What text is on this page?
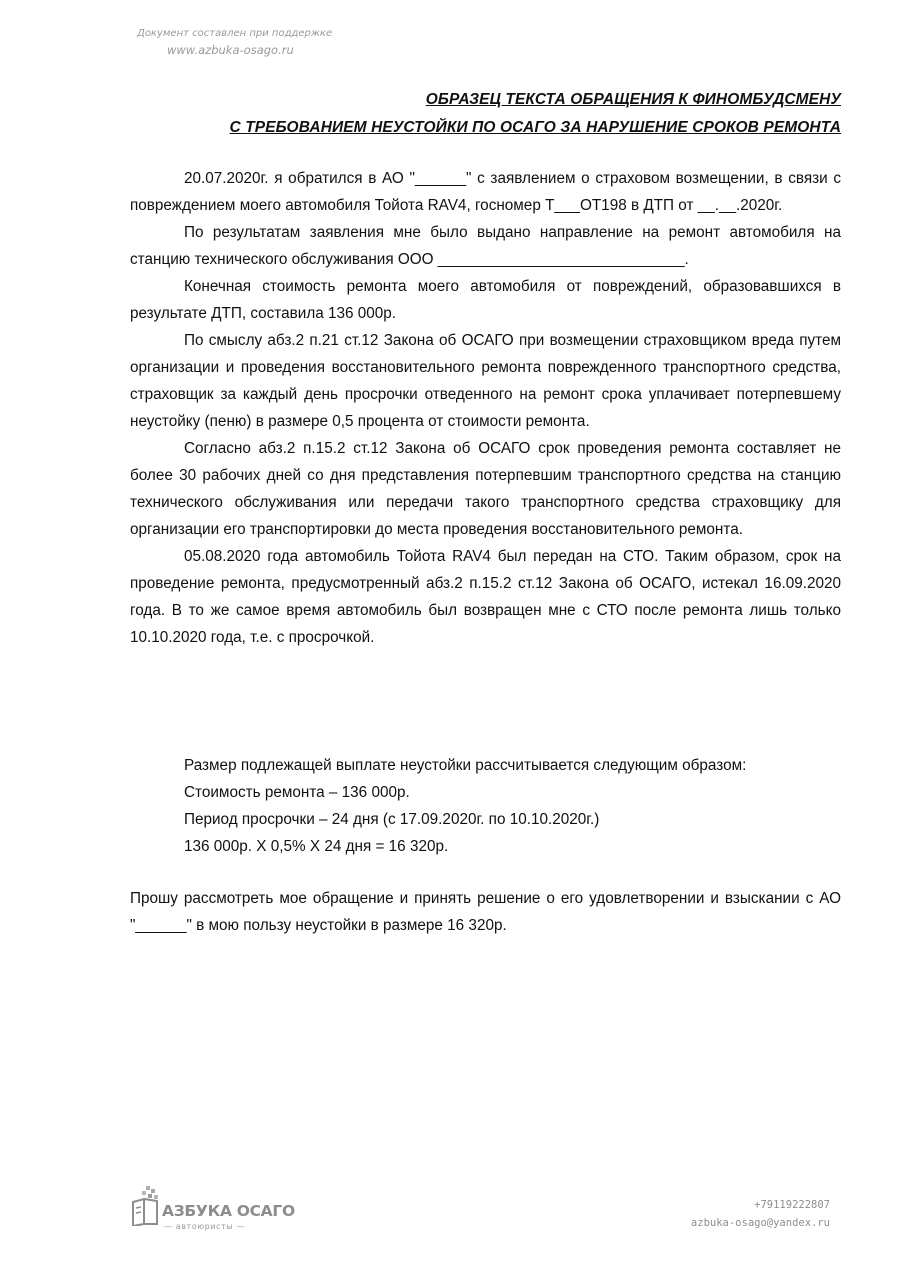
Документ составлен при поддержке
www.azbuka-osago.ru
ОБРАЗЕЦ ТЕКСТА ОБРАЩЕНИЯ К ФИНОМБУДСМЕНУ
С ТРЕБОВАНИЕМ НЕУСТОЙКИ ПО ОСАГО ЗА НАРУШЕНИЕ СРОКОВ РЕМОНТА

20.07.2020г. я обратился в АО "______" с заявлением о страховом возмещении, в связи с повреждением моего автомобиля Тойота RAV4, госномер Т___ОТ198 в ДТП от __.__.2020г.

По результатам заявления мне было выдано направление на ремонт автомобиля на станцию технического обслуживания ООО _____________________________.

Конечная стоимость ремонта моего автомобиля от повреждений, образовавшихся в результате ДТП, составила 136 000р.

По смыслу абз.2 п.21 ст.12 Закона об ОСАГО при возмещении страховщиком вреда путем организации и проведения восстановительного ремонта поврежденного транспортного средства, страховщик за каждый день просрочки отведенного на ремонт срока уплачивает потерпевшему неустойку (пеню) в размере 0,5 процента от стоимости ремонта.

Согласно абз.2 п.15.2 ст.12 Закона об ОСАГО срок проведения ремонта составляет не более 30 рабочих дней со дня представления потерпевшим транспортного средства на станцию технического обслуживания или передачи такого транспортного средства страховщику для организации его транспортировки до места проведения восстановительного ремонта.

05.08.2020 года автомобиль Тойота RAV4 был передан на СТО. Таким образом, срок на проведение ремонта, предусмотренный абз.2 п.15.2 ст.12 Закона об ОСАГО, истекал 16.09.2020 года. В то же самое время автомобиль был возвращен мне с СТО после ремонта лишь только 10.10.2020 года, т.е. с просрочкой.

Размер подлежащей выплате неустойки рассчитывается следующим образом:
Стоимость ремонта – 136 000р.
Период просрочки – 24 дня (с 17.09.2020г. по 10.10.2020г.)
136 000р. X 0,5% X 24 дня = 16 320р.
Прошу рассмотреть мое обращение и принять решение о его удовлетворении и взыскании с АО "______" в мою пользу неустойки в размере 16 320р.
АЗБУКА ОСАГО
— автоюристы —
+79119222807
azbuka-osago@yandex.ru
